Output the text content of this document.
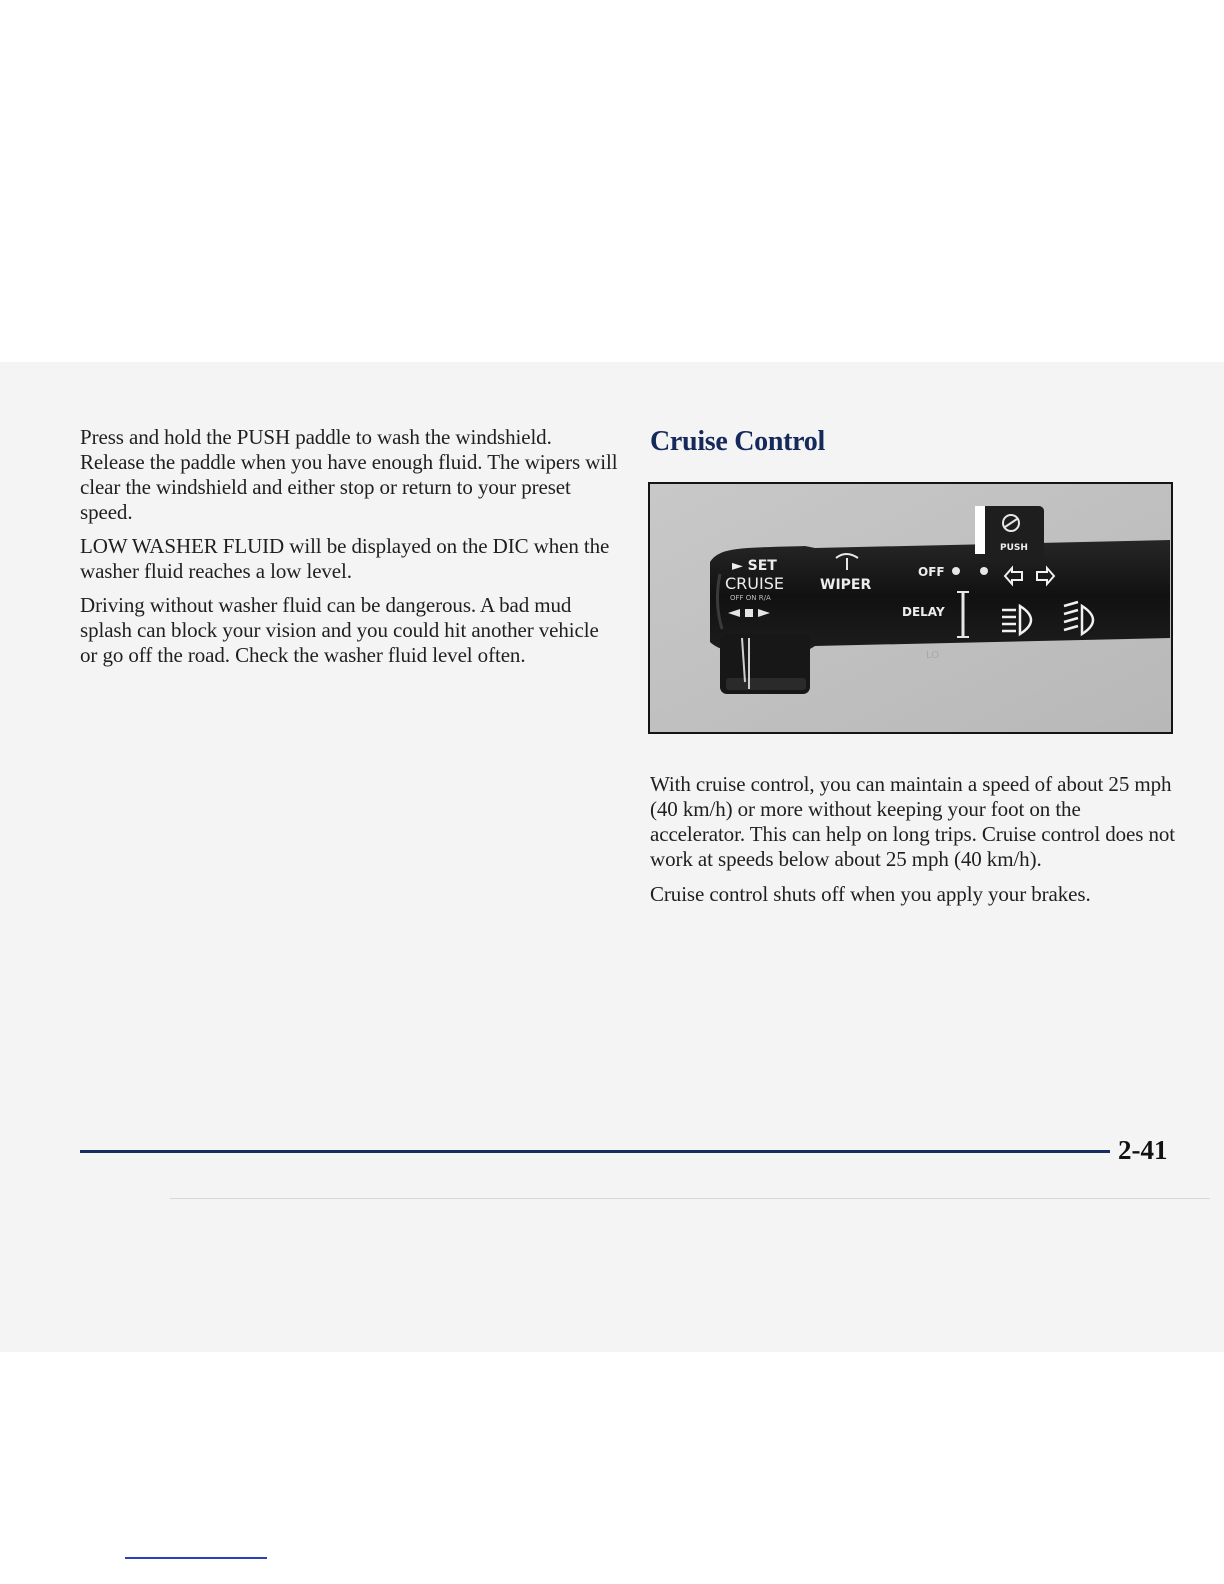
Press and hold the PUSH paddle to wash the windshield. Release the paddle when you have enough fluid. The wipers will clear the windshield and either stop or return to your preset speed.

LOW WASHER FLUID will be displayed on the DIC when the washer fluid reaches a low level.

Driving without washer fluid can be dangerous. A bad mud splash can block your vision and you could hit another vehicle or go off the road. Check the washer fluid level often.

Cruise Control
► SET
CRUISE
OFF ON R/A
WIPER
OFF
DELAY
LO
PUSH

With cruise control, you can maintain a speed of about 25 mph (40 km/h) or more without keeping your foot on the accelerator. This can help on long trips. Cruise control does not work at speeds below about 25 mph (40 km/h).

Cruise control shuts off when you apply your brakes.

2-41
